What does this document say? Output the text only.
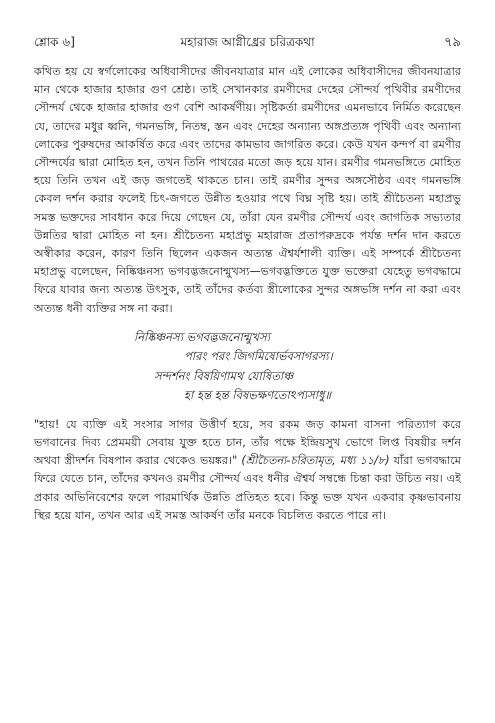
শ্লোক ৬]	মহারাজ আগ্নীধ্রের চরিত্রকথা	৭৯

কথিত হয় যে স্বর্গলোকের অধিবাসীদের জীবনযাত্রার মান এই লোকের অধিবাসীদের জীবনযাত্রার মান থেকে হাজার হাজার গুণ শ্রেষ্ঠ। তাই সেখানকার রমণীদের দেহের সৌন্দর্য পৃথিবীর রমণীদের সৌন্দর্য থেকে হাজার হাজার গুণ বেশি আকর্ষণীয়। সৃষ্টিকর্তা রমণীদের এমনভাবে নির্মিত করেছেন যে, তাদের মধুর ধ্বনি, গমনভঙ্গি, নিতম্ব, স্তন এবং দেহের অন্যান্য অঙ্গপ্রত্যঙ্গ পৃথিবী এবং অন্যান্য লোকের পুরুষদের আকর্ষিত করে এবং তাদের কামভাব জাগরিত করে। কেউ যখন কন্দর্প বা রমণীর সৌন্দর্যের দ্বারা মোহিত হন, তখন তিনি পাথরের মতো জড় হয়ে যান। রমণীর গমনভঙ্গিতে মোহিত হয়ে তিনি তখন এই জড় জগতেই থাকতে চান। তাই রমণীর সুন্দর অঙ্গসৌষ্ঠব এবং গমনভঙ্গি কেবল দর্শন করার ফলেই চিৎ-জগতে উন্নীত হওয়ার পথে বিঘ্ন সৃষ্টি হয়। তাই শ্রীচৈতন্য মহাপ্রভু সমস্ত ভক্তদের সাবধান করে দিয়ে গেছেন যে, তাঁরা যেন রমণীর সৌন্দর্য এবং জাগতিক সভ্যতার উন্নতির দ্বারা মোহিত না হন। শ্রীচৈতন্য মহাপ্রভু মহারাজ প্রতাপরুদ্রকে পর্যন্ত দর্শন দান করতে অস্বীকার করেন, কারণ তিনি ছিলেন একজন অত্যন্ত ঐশ্বর্যশালী ব্যক্তি। এই সম্পর্কে শ্রীচৈতন্য মহাপ্রভু বলেছেন, নিষ্কিঞ্চনস্য ভগবদ্ভজনোন্মুখস্য—ভগবদ্ভক্তিতে যুক্ত ভক্তেরা যেহেতু ভগবদ্ধামে ফিরে যাবার জন্য অত্যন্ত উৎসুক, তাই তাঁদের কর্তব্য স্ত্রীলোকের সুন্দর অঙ্গভঙ্গি দর্শন না করা এবং অত্যন্ত ধনী ব্যক্তির সঙ্গ না করা।

নিষ্কিঞ্চনস্য ভগবদ্ভজনোন্মুখস্য
পারং পরং জিগমিষোর্ভবসাগরস্য।
সন্দর্শনং বিষয়িণামথ যোষিতাঞ্চ
হা হন্ত হন্ত বিষভক্ষণতোঽপ্যসাধু॥

"হায়! যে ব্যক্তি এই সংসার সাগর উত্তীর্ণ হয়ে, সব রকম জড় কামনা বাসনা পরিত্যাগ করে ভগবানের দিব্য প্রেমময়ী সেবায় যুক্ত হতে চান, তাঁর পক্ষে ইন্দ্রিয়সুখ ভোগে লিপ্ত বিষয়ীর দর্শন অথবা স্ত্রীদর্শন বিষপান করার থেকেও ভয়ঙ্কর।" (শ্রীচৈতন্য-চরিতামৃত, মধ্য ১১/৮) যাঁরা ভগবদ্ধামে ফিরে যেতে চান, তাঁদের কখনও রমণীর সৌন্দর্য এবং ধনীর ঐশ্বর্য সম্বন্ধে চিন্তা করা উচিত নয়। এই প্রকার অভিনিবেশের ফলে পারমার্থিক উন্নতি প্রতিহত হবে। কিন্তু ভক্ত যখন একবার কৃষ্ণভাবনায় স্থির হয়ে যান, তখন আর এই সমস্ত আকর্ষণ তাঁর মনকে বিচলিত করতে পারে না।
